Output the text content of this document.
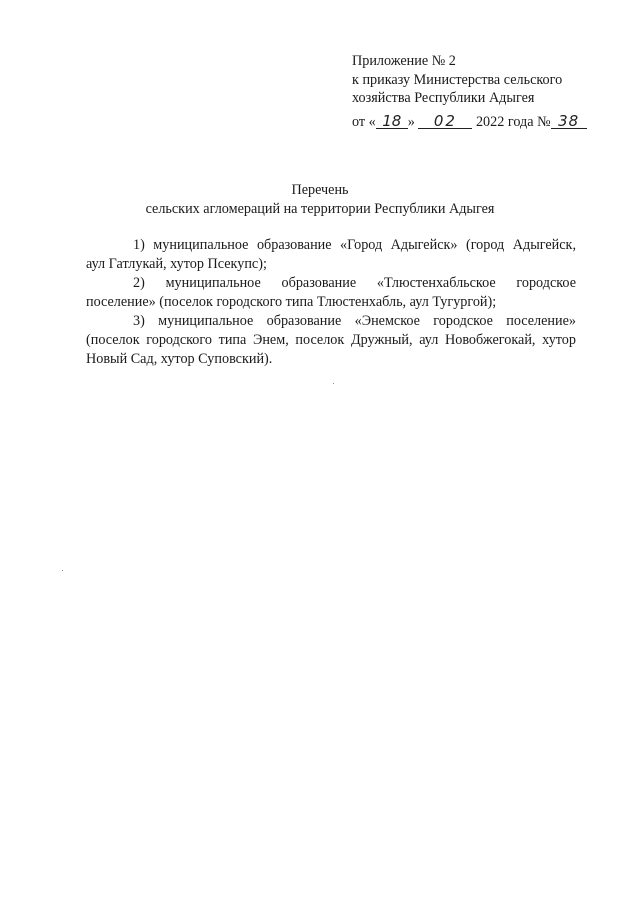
Приложение № 2
к приказу Министерства сельского
хозяйства Республики Адыгея
от « 18 » 02 2022 года № 38
Перечень
сельских агломераций на территории Республики Адыгея

1) муниципальное образование «Город Адыгейск» (город Адыгейск,
аул Гатлукай, хутор Псекупс);

2) муниципальное образование «Тлюстенхабльское городское
поселение» (поселок городского типа Тлюстенхабль, аул Тугургой);

3) муниципальное образование «Энемское городское поселение»
(поселок городского типа Энем, поселок Дружный, аул Новобжегокай, хутор Новый Сад, хутор Суповский).
